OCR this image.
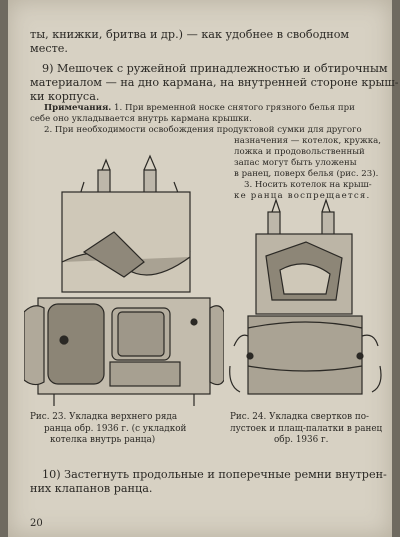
ты, книжки, бритва и др.) — как удобнее в свободном
месте.
9) Мешочек с ружейной принадлежностью и обтирочным
материалом — на дно кармана, на внутренней стороне крыш-
ки корпуса.
Примечания. 1. При временной носке снятого грязного белья при
себе оно укладывается внутрь кармана крышки.
2. При необходимости освобождения продуктовой сумки для другого
назначения — котелок, кружка,
ложка и продовольственный
запас могут быть уложены
в ранец, поверх белья (рис. 23).
3. Носить котелок на крыш-
ке ранца воспрещается.
Рис. 23. Укладка верхнего ряда
ранца обр. 1936 г. (с укладкой
котелка внутрь ранца)
Рис. 24. Укладка свертков по-
лустоек и плащ-палатки в ранец
обр. 1936 г.
10) Застегнуть продольные и поперечные ремни внутрен-
них клапанов ранца.
20
